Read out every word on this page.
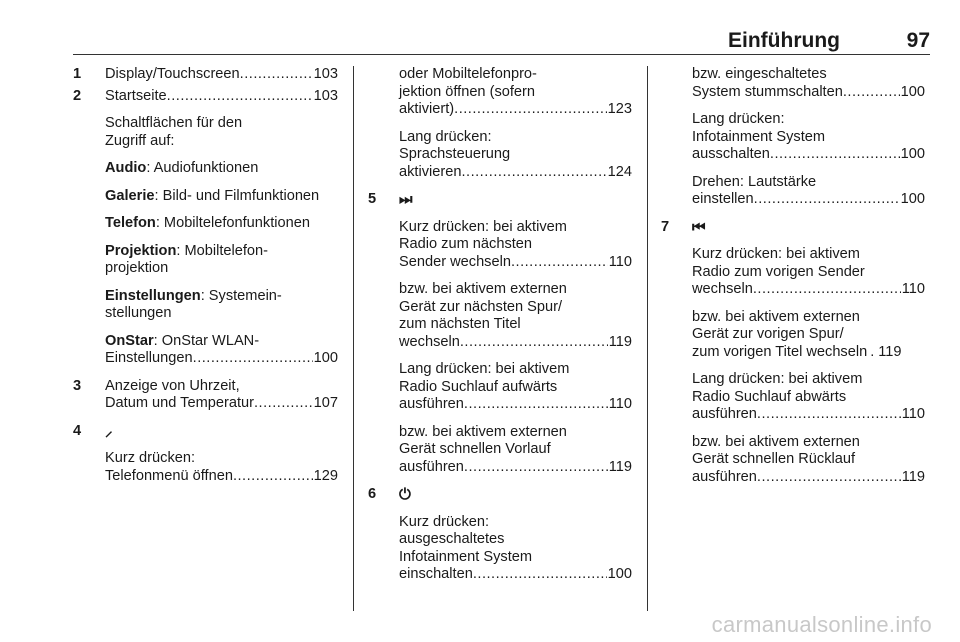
Einführung	97
1 Display/Touchscreen .....	103
2 Startseite .....	103
Schaltflächen für den
Zugriff auf:
Audio: Audiofunktionen
Galerie: Bild- und Filmfunktionen
Telefon: Mobiltelefonfunktionen
Projektion: Mobiltelefon-
projektion
Einstellungen: Systemein-
stellungen
OnStar: OnStar WLAN-
Einstellungen .....	100
3 Anzeige von Uhrzeit,
Datum und Temperatur .....	107
4 ⸝
Kurz drücken:
Telefonmenü öffnen .....	129
oder Mobiltelefonpro-
jektion öffnen (sofern
aktiviert) .....	123
Lang drücken:
Sprachsteuerung
aktivieren .....	124
5 ⏭
Kurz drücken: bei aktivem
Radio zum nächsten
Sender wechseln .....	110
bzw. bei aktivem externen
Gerät zur nächsten Spur/
zum nächsten Titel
wechseln .....	119
Lang drücken: bei aktivem
Radio Suchlauf aufwärts
ausführen .....	110
bzw. bei aktivem externen
Gerät schnellen Vorlauf
ausführen .....	119
6 ⏻
Kurz drücken:
ausgeschaltetes
Infotainment System
einschalten .....	100
bzw. eingeschaltetes
System stummschalten .....	100
Lang drücken:
Infotainment System
ausschalten .....	100
Drehen: Lautstärke
einstellen .....	100
7 ⏮
Kurz drücken: bei aktivem
Radio zum vorigen Sender
wechseln .....	110
bzw. bei aktivem externen
Gerät zur vorigen Spur/
zum vorigen Titel wechseln . 119
Lang drücken: bei aktivem
Radio Suchlauf abwärts
ausführen .....	110
bzw. bei aktivem externen
Gerät schnellen Rücklauf
ausführen .....	119
carmanualsonline.info
